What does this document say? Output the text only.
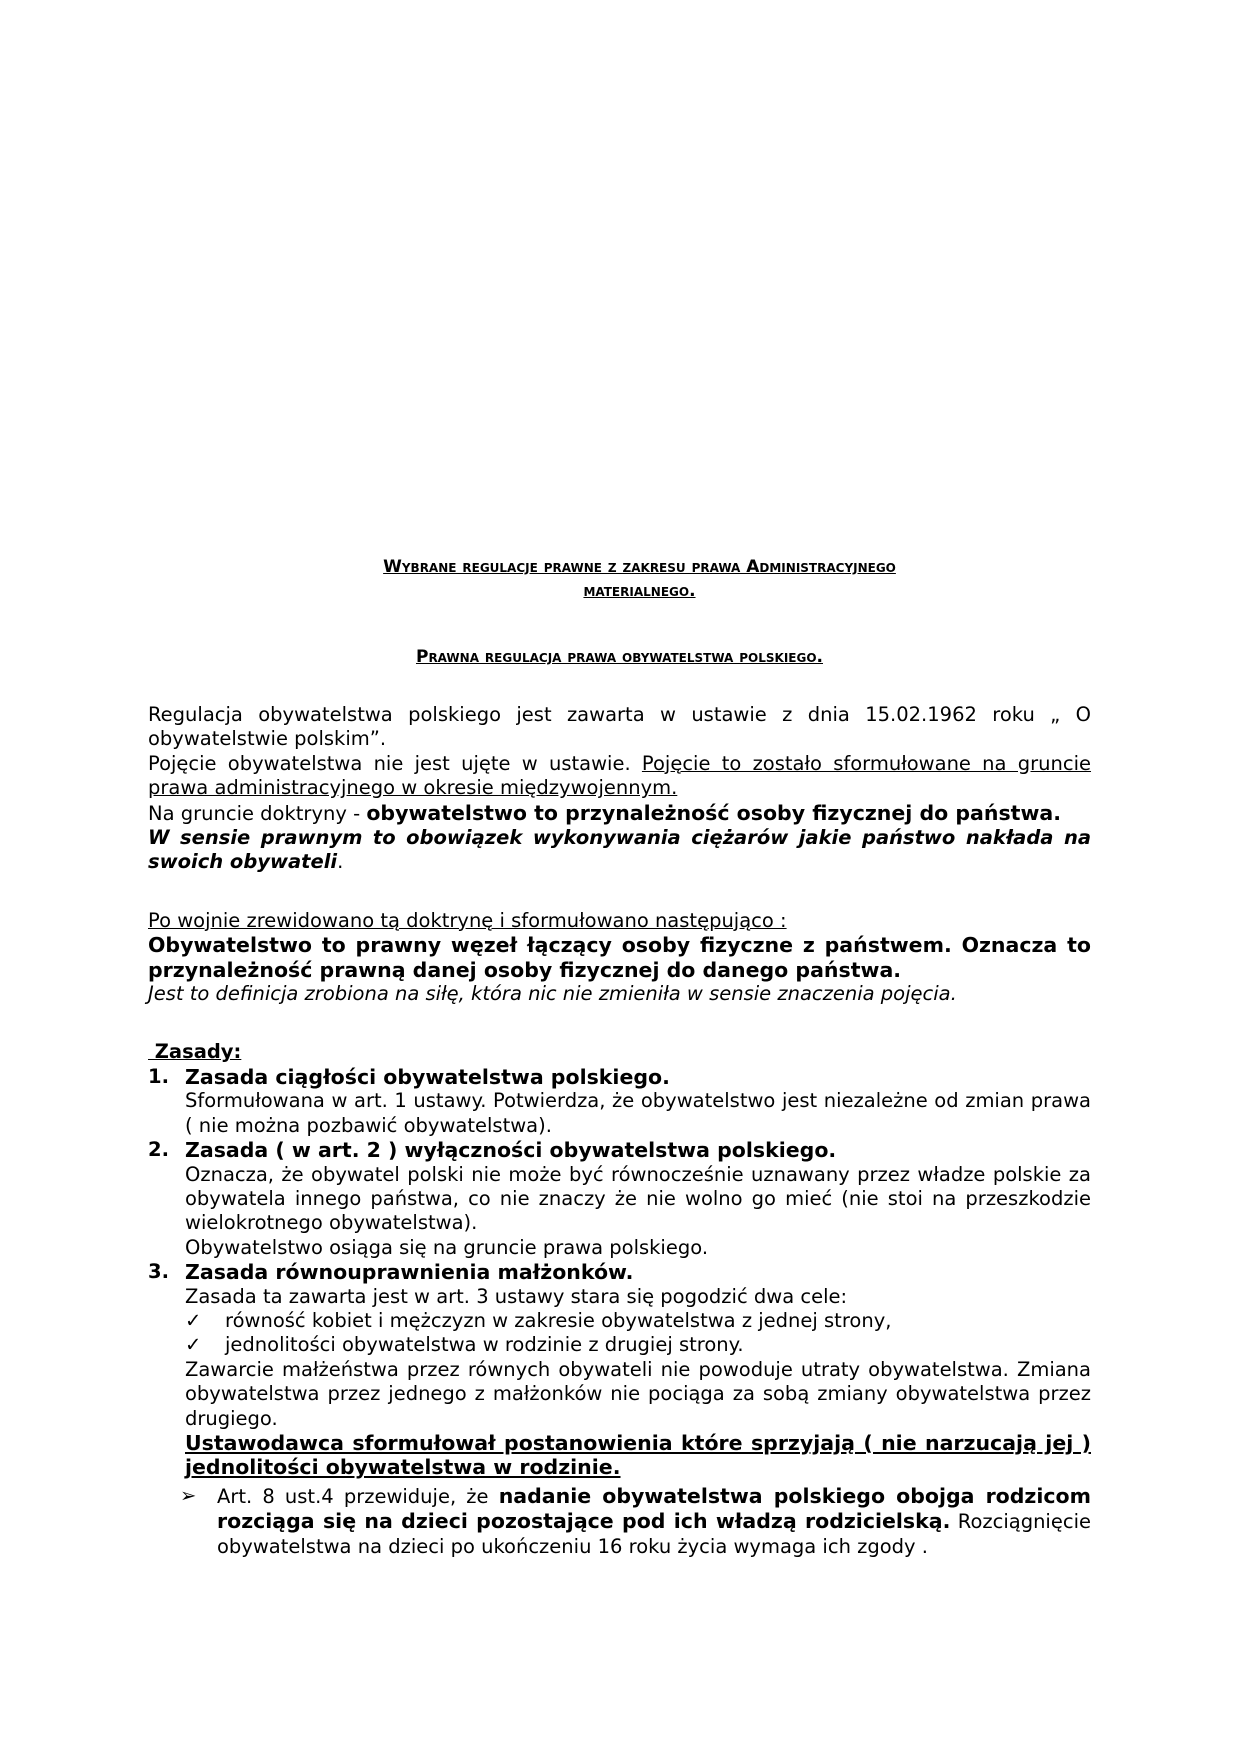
Wybrane regulacje prawne z zakresu prawa Administracyjnego
materialnego.
Prawna regulacja prawa obywatelstwa polskiego.

Regulacja obywatelstwa polskiego jest zawarta w ustawie z dnia 15.02.1962 roku „ O obywatelstwie polskim”.

Pojęcie obywatelstwa nie jest ujęte w ustawie. Pojęcie to zostało sformułowane na gruncie prawa administracyjnego w okresie międzywojennym.

Na gruncie doktryny - obywatelstwo to przynależność osoby fizycznej do państwa.

W sensie prawnym to obowiązek wykonywania ciężarów jakie państwo nakłada na swoich obywateli.

Po wojnie zrewidowano tą doktrynę i sformułowano następująco :

Obywatelstwo to prawny węzeł łączący osoby fizyczne z państwem. Oznacza to przynależność prawną danej osoby fizycznej do danego państwa.

Jest to definicja zrobiona na siłę, która nic nie zmieniła w sensie znaczenia pojęcia.

Zasady:
1. Zasada ciągłości obywatelstwa polskiego.

Sformułowana w art. 1 ustawy. Potwierdza, że obywatelstwo jest niezależne od zmian prawa ( nie można pozbawić obywatelstwa).

2. Zasada ( w art. 2 ) wyłączności obywatelstwa polskiego.

Oznacza, że obywatel polski nie może być równocześnie uznawany przez władze polskie za obywatela innego państwa, co nie znaczy że nie wolno go mieć (nie stoi na przeszkodzie wielokrotnego obywatelstwa).

Obywatelstwo osiąga się na gruncie prawa polskiego.

3. Zasada równouprawnienia małżonków.

Zasada ta zawarta jest w art. 3 ustawy stara się pogodzić dwa cele:

✓	równość kobiet i mężczyzn w zakresie obywatelstwa z jednej strony,
✓	jednolitości obywatelstwa w rodzinie z drugiej strony.

Zawarcie małżeństwa przez równych obywateli nie powoduje utraty obywatelstwa. Zmiana obywatelstwa przez jednego z małżonków nie pociąga za sobą zmiany obywatelstwa przez drugiego.

Ustawodawca sformułował postanowienia które sprzyjają ( nie narzucają jej ) jednolitości obywatelstwa w rodzinie.

➢	Art. 8 ust.4 przewiduje, że nadanie obywatelstwa polskiego obojga rodzicom rozciąga się na dzieci pozostające pod ich władzą rodzicielską. Rozciągnięcie obywatelstwa na dzieci po ukończeniu 16 roku życia wymaga ich zgody .
